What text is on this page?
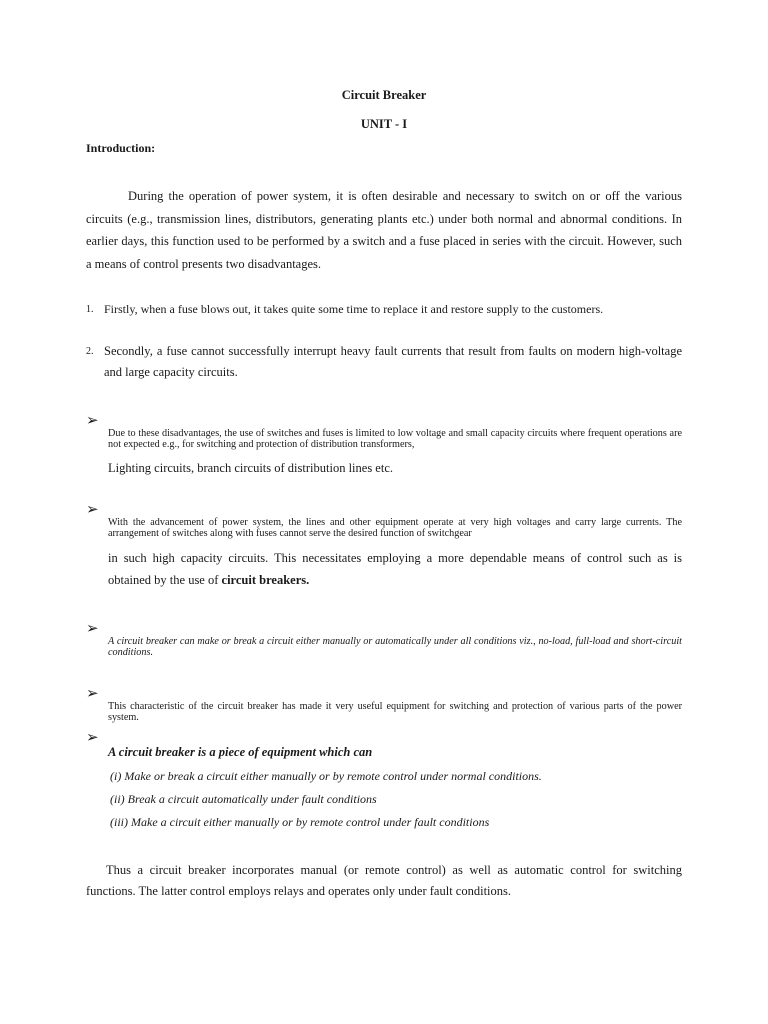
Circuit Breaker
UNIT - I
Introduction:
During the operation of power system, it is often desirable and necessary to switch on or off the various circuits (e.g., transmission lines, distributors, generating plants etc.) under both normal and abnormal conditions. In earlier days, this function used to be performed by a switch and a fuse placed in series with the circuit. However, such a means of control presents two disadvantages.
1. Firstly, when a fuse blows out, it takes quite some time to replace it and restore supply to the customers.
2. Secondly, a fuse cannot successfully interrupt heavy fault currents that result from faults on modern high-voltage and large capacity circuits.
➢
Due to these disadvantages, the use of switches and fuses is limited to low voltage and small capacity circuits where frequent operations are not expected e.g., for switching and protection of distribution transformers,
Lighting circuits, branch circuits of distribution lines etc.
➢
With the advancement of power system, the lines and other equipment operate at very high voltages and carry large currents. The arrangement of switches along with fuses cannot serve the desired function of switchgear
in such high capacity circuits. This necessitates employing a more dependable means of control such as is obtained by the use of circuit breakers.
➢
A circuit breaker can make or break a circuit either manually or automatically under all conditions viz., no-load, full-load and short-circuit conditions.
➢
This characteristic of the circuit breaker has made it very useful equipment for switching and protection of various parts of the power system.
➢
A circuit breaker is a piece of equipment which can
(i) Make or break a circuit either manually or by remote control under normal conditions.
(ii) Break a circuit automatically under fault conditions
(iii) Make a circuit either manually or by remote control under fault conditions
Thus a circuit breaker incorporates manual (or remote control) as well as automatic control for switching functions. The latter control employs relays and operates only under fault conditions.
